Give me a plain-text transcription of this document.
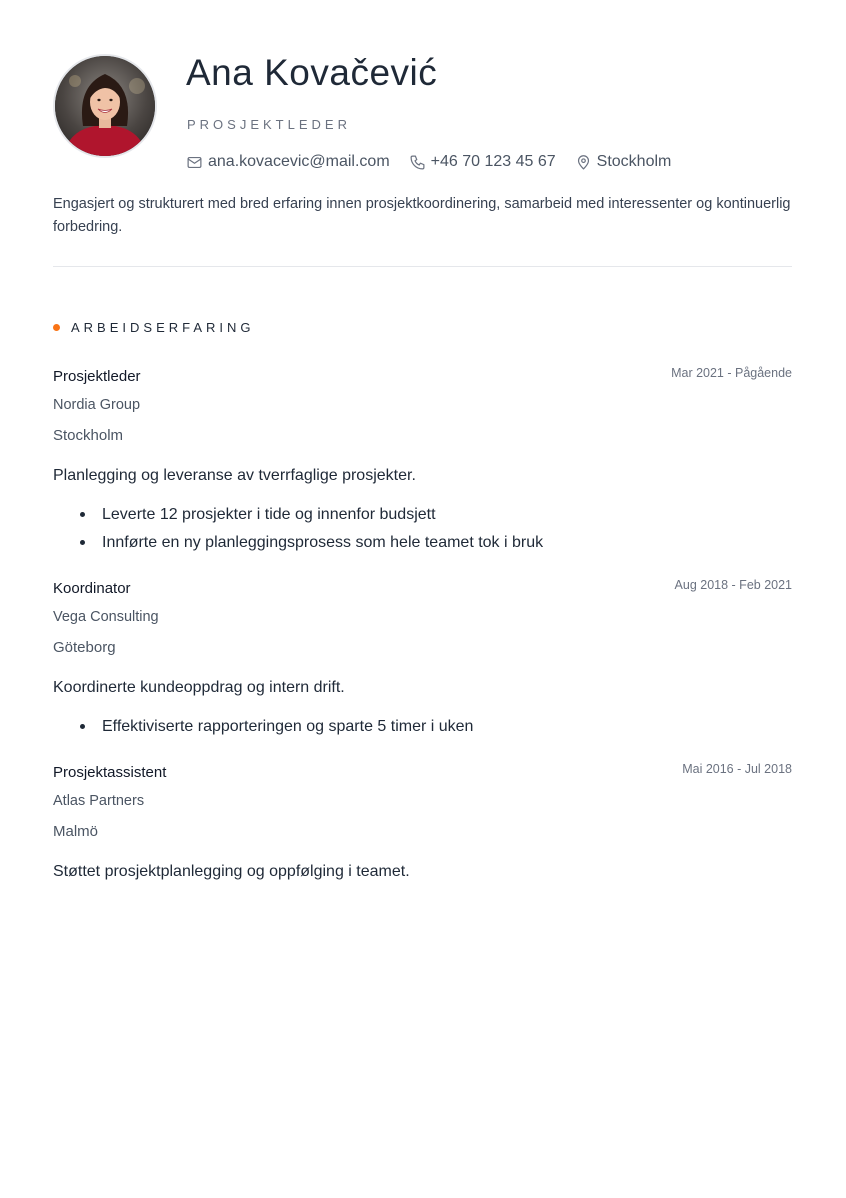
Ana Kovačević
PROSJEKTLEDER
ana.kovacevic@mail.com	+46 70 123 45 67	Stockholm
Engasjert og strukturert med bred erfaring innen prosjektkoordinering, samarbeid med interessenter og kontinuerlig forbedring.
ARBEIDSERFARING
Prosjektleder	Mar 2021 - Pågående
Nordia Group
Stockholm
Planlegging og leveranse av tverrfaglige prosjekter.
Leverte 12 prosjekter i tide og innenfor budsjett
Innførte en ny planleggingsprosess som hele teamet tok i bruk
Koordinator	Aug 2018 - Feb 2021
Vega Consulting
Göteborg
Koordinerte kundeoppdrag og intern drift.
Effektiviserte rapporteringen og sparte 5 timer i uken
Prosjektassistent	Mai 2016 - Jul 2018
Atlas Partners
Malmö
Støttet prosjektplanlegging og oppfølging i teamet.
